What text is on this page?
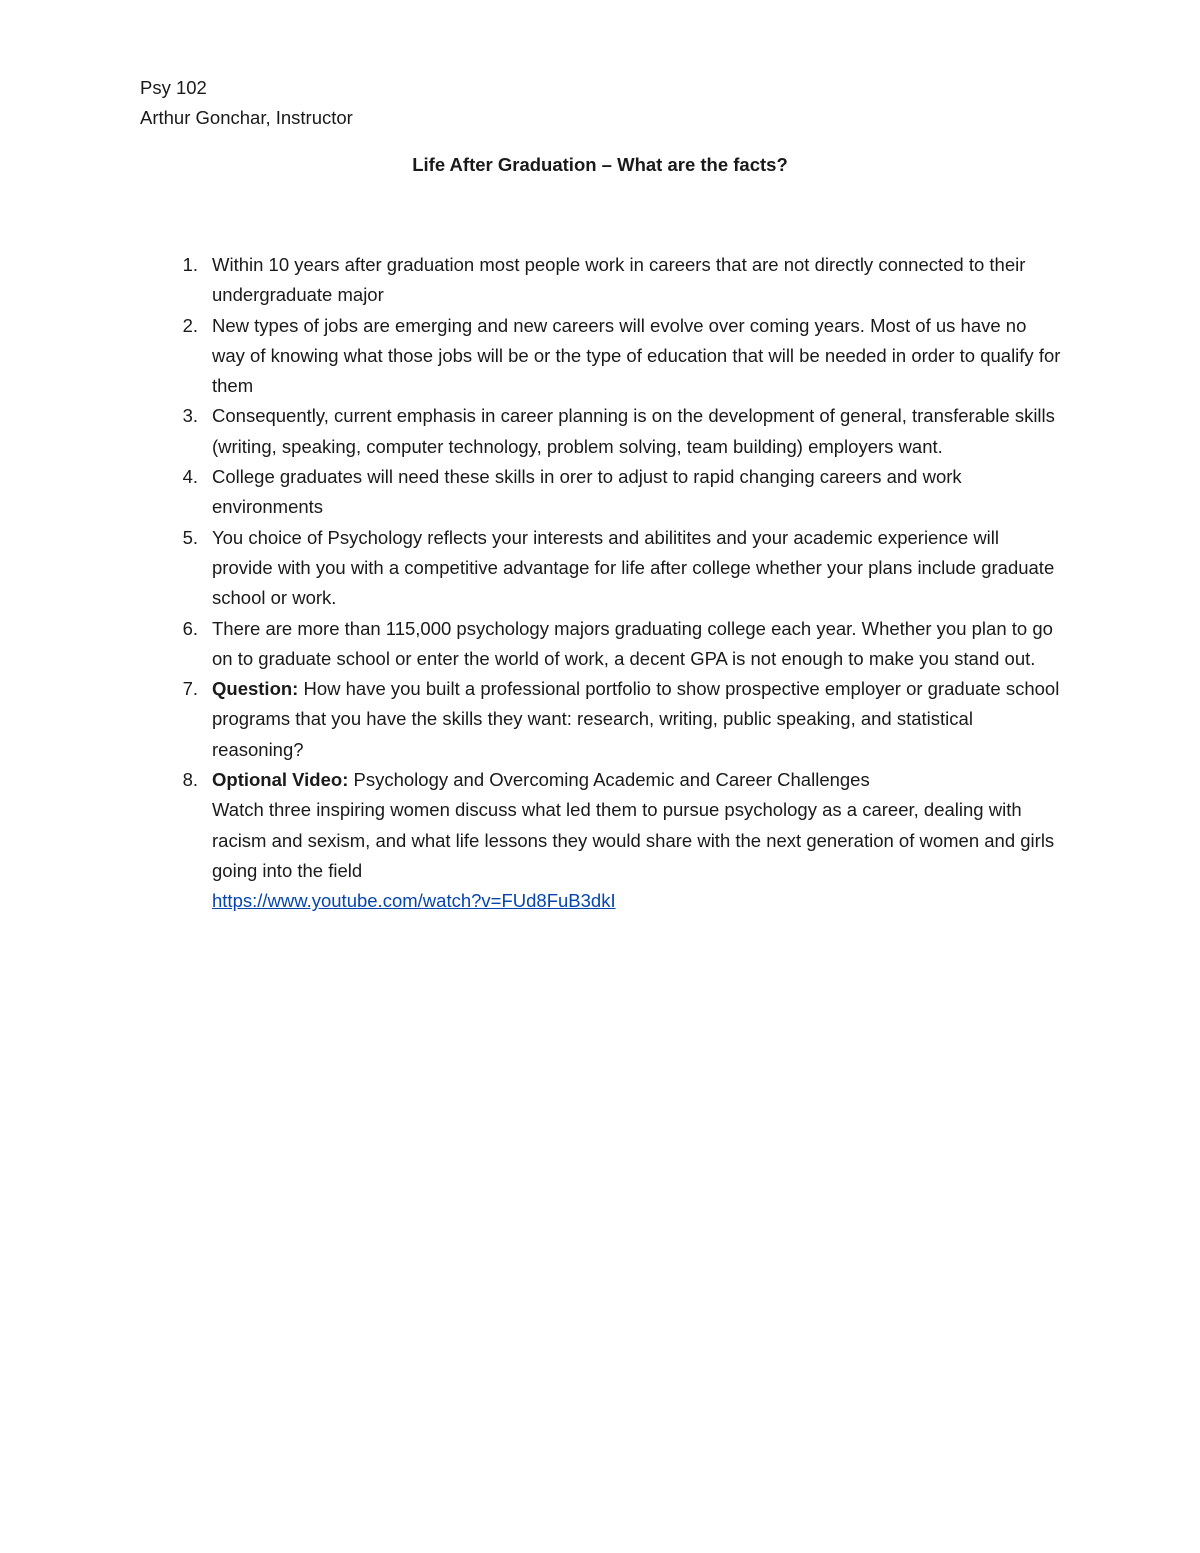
Psy 102
Arthur Gonchar, Instructor
Life After Graduation – What are the facts?
1. Within 10 years after graduation most people work in careers that are not directly connected to their undergraduate major
2. New types of jobs are emerging and new careers will evolve over coming years. Most of us have no way of knowing what those jobs will be or the type of education that will be needed in order to qualify for them
3. Consequently, current emphasis in career planning is on the development of general, transferable skills (writing, speaking, computer technology, problem solving, team building) employers want.
4. College graduates will need these skills in orer to adjust to rapid changing careers and work environments
5. You choice of Psychology reflects your interests and abilitites and your academic experience will provide with you with a competitive advantage for life after college whether your plans include graduate school or work.
6. There are more than 115,000 psychology majors graduating college each year. Whether you plan to go on to graduate school or enter the world of work, a decent GPA is not enough to make you stand out.
7. Question: How have you built a professional portfolio to show prospective employer or graduate school programs that you have the skills they want: research, writing, public speaking, and statistical reasoning?
8. Optional Video: Psychology and Overcoming Academic and Career Challenges
Watch three inspiring women discuss what led them to pursue psychology as a career, dealing with racism and sexism, and what life lessons they would share with the next generation of women and girls going into the field
https://www.youtube.com/watch?v=FUd8FuB3dkI
